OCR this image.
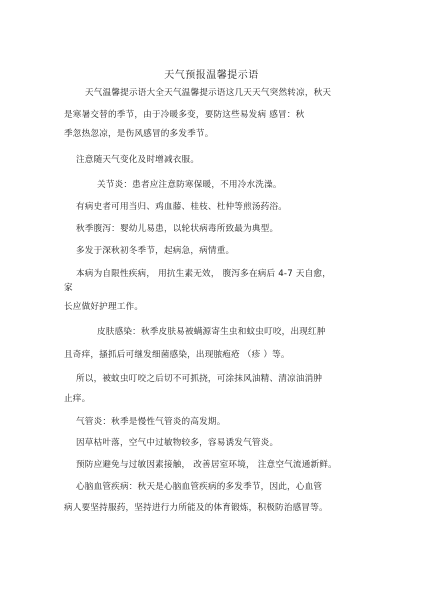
天气预报温馨提示语
天气温馨提示语大全天气温馨提示语这几天天气突然转凉，秋天
是寒暑交替的季节，由于冷暖多变，要防这些易发病 感冒：秋
季忽热忽凉，是伤风感冒的多发季节。
注意随天气变化及时增减衣服。
关节炎：患者应注意防寒保暖，不用冷水洗澡。
有病史者可用当归、鸡血藤、桂枝、杜仲等煎汤药浴。
秋季腹泻：婴幼儿易患，以轮状病毒所致最为典型。
多发于深秋初冬季节，起病急，病情重。
本病为自限性疾病， 用抗生素无效， 腹泻多在病后 4-7 天自愈，
家
长应做好护理工作。
皮肤感染：秋季皮肤易被螨源寄生虫和蚊虫叮咬，出现红肿
且奇痒，搔抓后可继发细菌感染，出现脓疱疮 （疹 ）等。
所以，被蚊虫叮咬之后切不可抓挠，可涂抹风油精、清凉油消肿
止痒。
气管炎：秋季是慢性气管炎的高发期。
因草枯叶落，空气中过敏物较多，容易诱发气管炎。
预防应避免与过敏因素接触， 改善居室环境， 注意空气流通新鲜。
心脑血管疾病：秋天是心脑血管疾病的多发季节，因此，心血管
病人要坚持服药，坚持进行力所能及的体育锻炼，积极防治感冒等。
